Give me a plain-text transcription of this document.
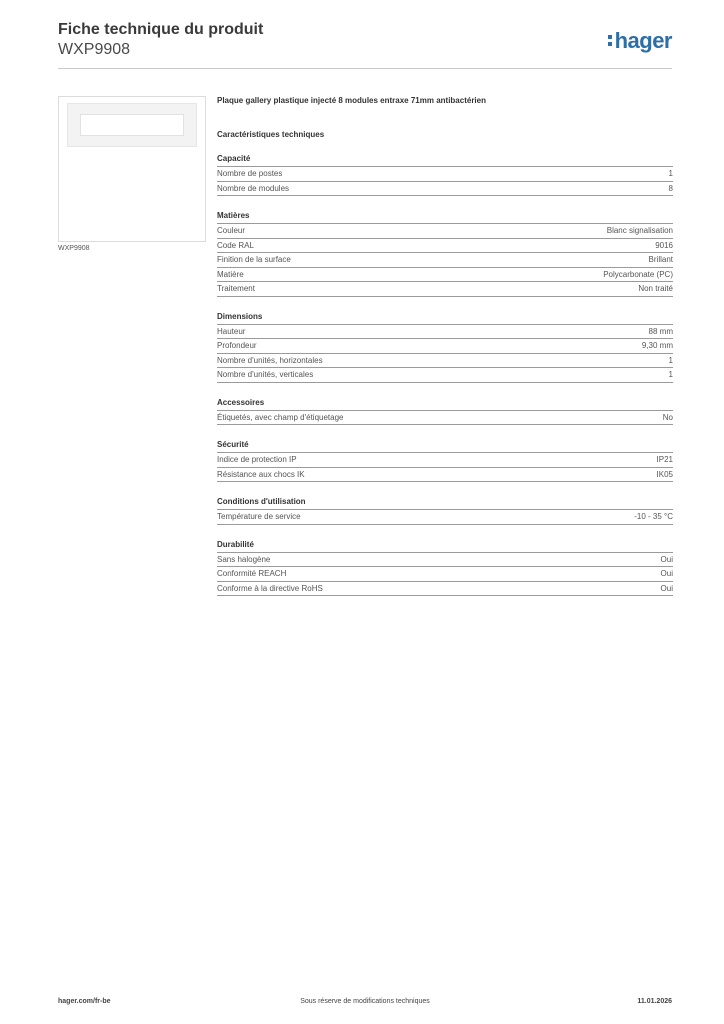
Fiche technique du produit
WXP9908	hager
WXP9908
Plaque gallery plastique injecté 8 modules entraxe 71mm antibactérien
Caractéristiques techniques
Capacité
Nombre de postes	1
Nombre de modules	8
Matières
Couleur	Blanc signalisation
Code RAL	9016
Finition de la surface	Brillant
Matière	Polycarbonate (PC)
Traitement	Non traité
Dimensions
Hauteur	88 mm
Profondeur	9,30 mm
Nombre d'unités, horizontales	1
Nombre d'unités, verticales	1
Accessoires
Étiquetés, avec champ d'étiquetage	No
Sécurité
Indice de protection IP	IP21
Résistance aux chocs IK	IK05
Conditions d'utilisation
Température de service	-10 - 35 °C
Durabilité
Sans halogène	Oui
Conformité REACH	Oui
Conforme à la directive RoHS	Oui
hager.com/fr-be	Sous réserve de modifications techniques	11.01.2026
